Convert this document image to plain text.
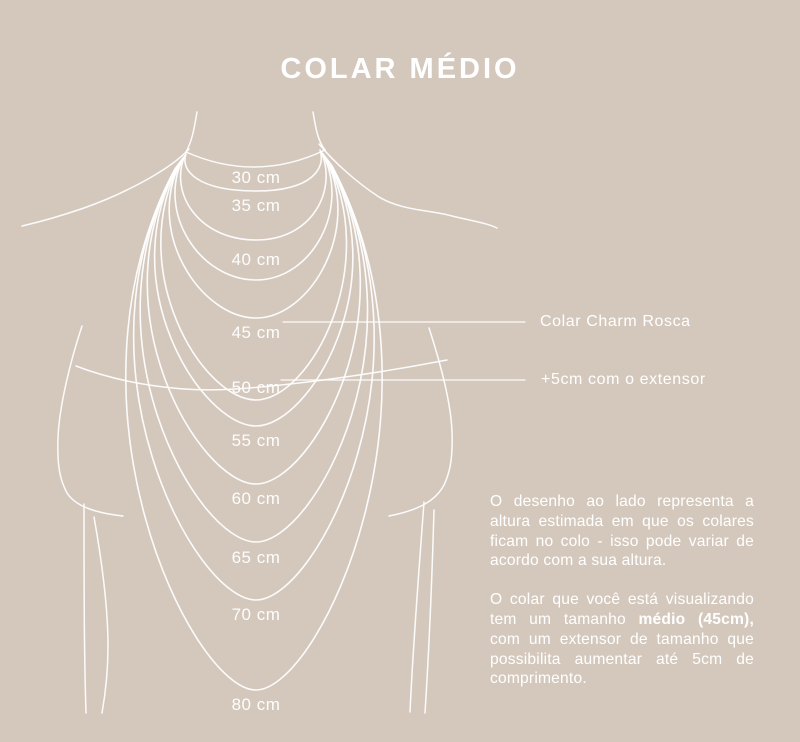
COLAR MÉDIO
30 cm
35 cm
40 cm
45 cm
50 cm
55 cm
60 cm
65 cm
70 cm
80 cm
Colar Charm Rosca
+5cm com o extensor

O desenho ao lado representa a altura estimada em que os colares ficam no colo - isso pode variar de acordo com a sua altura.

O colar que você está visualizando tem um tamanho médio (45cm), com um extensor de tamanho que possibilita aumentar até 5cm de comprimento.
